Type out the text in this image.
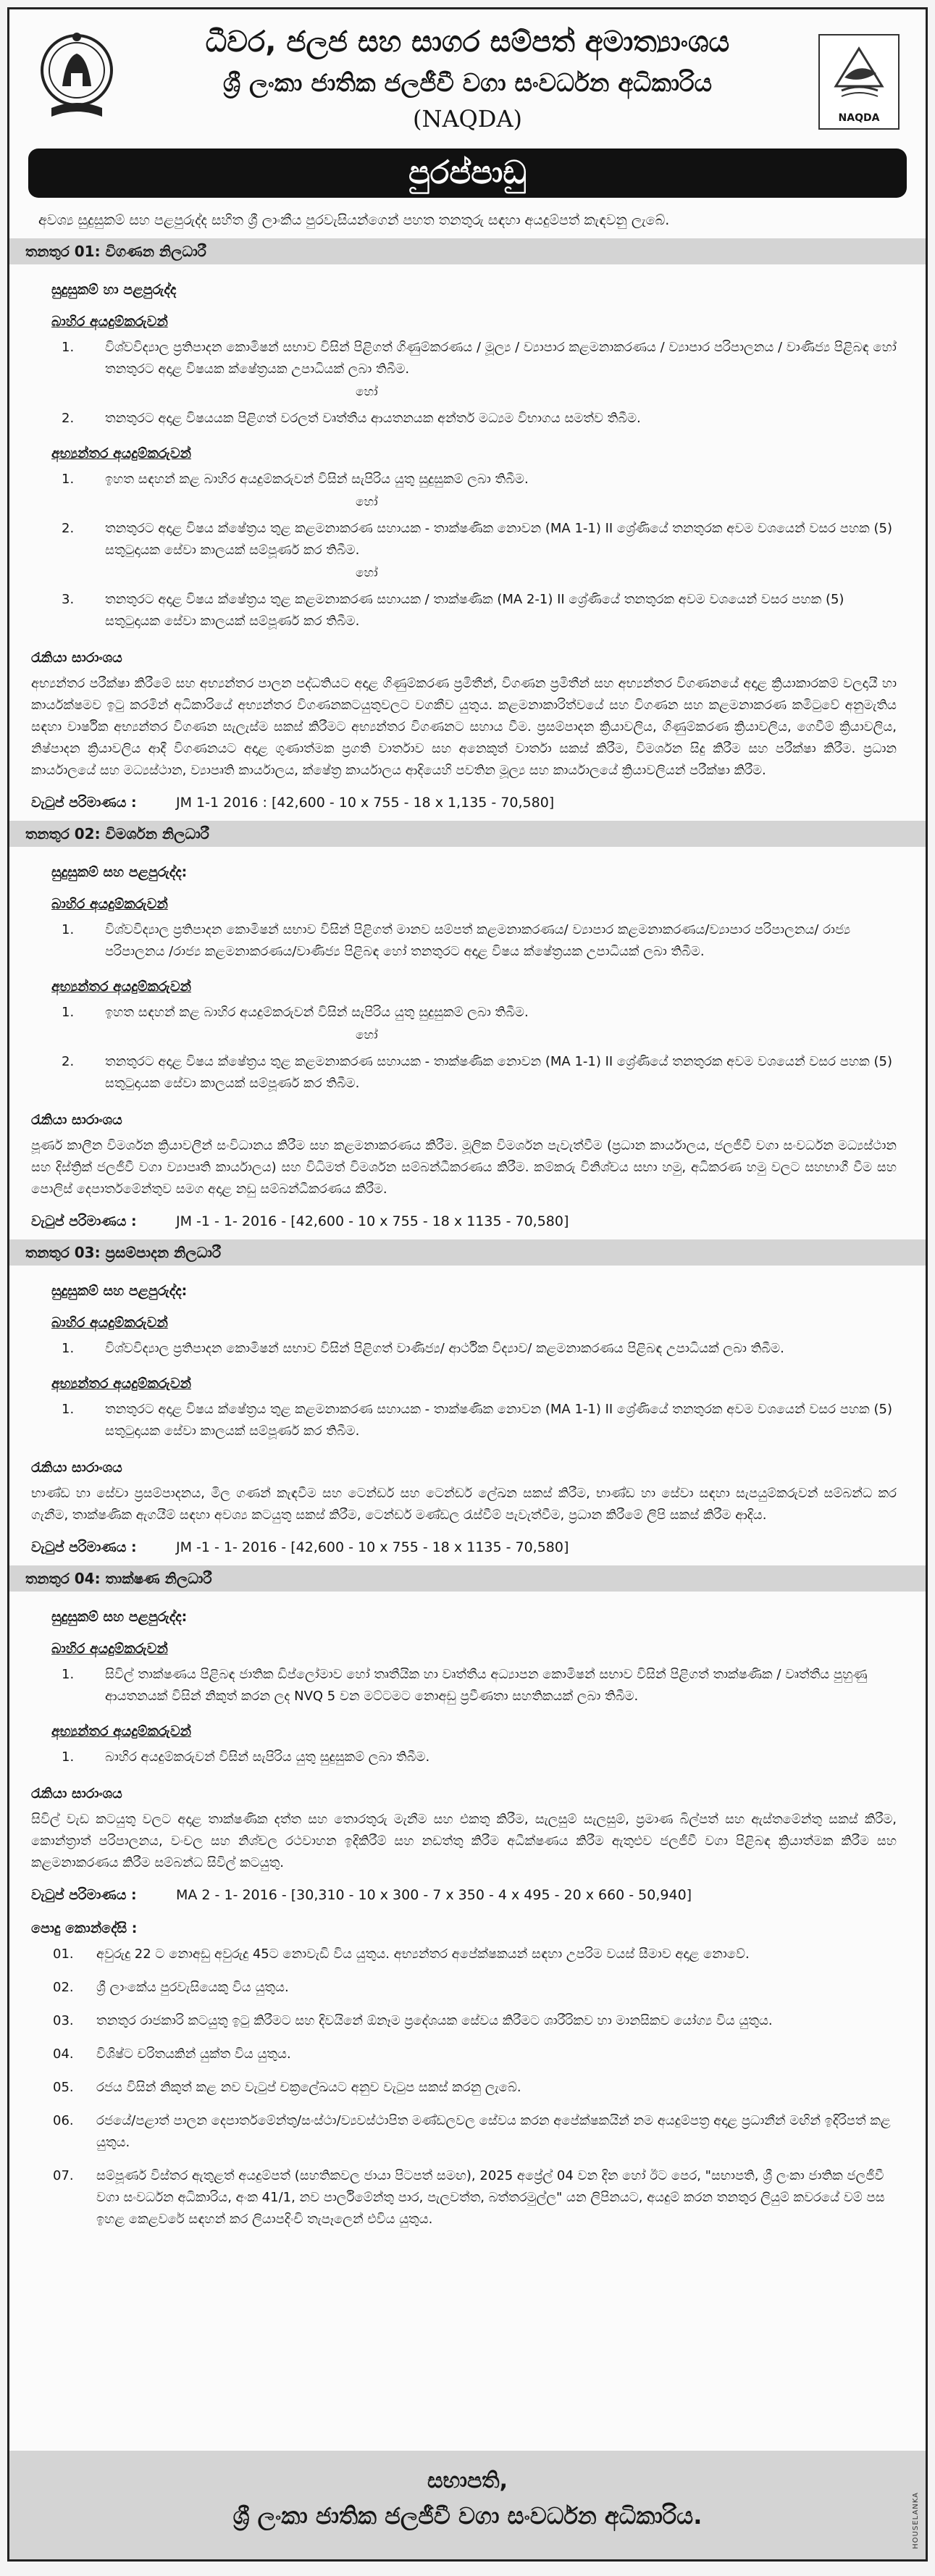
ධීවර, ජලජ සහ සාගර සම්පත් අමාත්‍යාංශය
ශ්‍රී ලංකා ජාතික ජලජීවී වගා සංවර්ධන අධිකාරිය
(NAQDA)	NAQDA
පුරප්පාඩු
අවශ්‍ය සුදුසුකම් සහ පළපුරුද්ද සහිත ශ්‍රී ලාංකීය පුරවැසියන්ගෙන් පහත තනතුරු සඳහා අයදුම්පත් කැඳවනු ලැබේ.
තනතුර 01: විගණන නිලධාරී
සුදුසුකම් හා පළපුරුද්ද
බාහිර අයදුම්කරුවන්
1.	විශ්වවිද්‍යාල ප්‍රතිපාදන කොමිෂන් සභාව විසින් පිළිගත් ගිණුම්කරණය / මූල්‍ය / ව්‍යාපාර කළමනාකරණය / ව්‍යාපාර පරිපාලනය / වාණිජ්‍ය පිළිබඳ හෝ තනතුරට අදාළ විෂයක ක්ෂේත්‍රයක උපාධියක් ලබා තිබීම.
හෝ
2.	තනතුරට අදාළ විෂයයක පිළිගත් වරලත් වෘත්තීය ආයතනයක අන්තර් මධ්‍යම විභාගය සමත්ව තිබීම.
අභ්‍යන්තර අයදුම්කරුවන්
1.	ඉහත සඳහන් කළ බාහිර අයදුම්කරුවන් විසින් සැපිරිය යුතු සුදුසුකම් ලබා තිබීම.
හෝ
2.	තනතුරට අදාළ විෂය ක්ෂේත්‍රය තුළ කළමනාකරණ සහායක - තාක්ෂණික නොවන (MA 1-1) II ශ්‍රේණියේ තනතුරක අවම වශයෙන් වසර පහක (5) සතුටුදායක සේවා කාලයක් සම්පූර්ණ කර තිබීම.
හෝ
3.	තනතුරට අදාළ විෂය ක්ෂේත්‍රය තුළ කළමනාකරණ සහායක / තාක්ෂණික (MA 2-1) II ශ්‍රේණියේ තනතුරක අවම වශයෙන් වසර පහක (5) සතුටුදායක සේවා කාලයක් සම්පූර්ණ කර තිබීම.
රැකියා සාරාංශය
අභ්‍යන්තර පරීක්ෂා කිරීමේ සහ අභ්‍යන්තර පාලන පද්ධතියට අදාළ ගිණුම්කරණ ප්‍රමිතීන්, විගණන ප්‍රමිතීන් සහ අභ්‍යන්තර විගණනයේ අදාළ ක්‍රියාකාරකම් වලදායී හා කාර්යක්ෂමව ඉටු කරමින් අධිකාරියේ අභ්‍යන්තර විගණනකටයුතුවලට වගකීව යුතුය. කළමනාකාරිත්වයේ සහ විගණන සහ කළමනාකරණ කමිටුවේ අනුමැතිය සඳහා වාර්ෂික අභ්‍යන්තර විගණන සැලැස්ම සකස් කිරීමට අභ්‍යන්තර විගණනට සහාය වීම. ප්‍රසම්පාදන ක්‍රියාවලිය, ගිණුම්කරණ ක්‍රියාවලිය, ගෙවීම් ක්‍රියාවලිය, නිෂ්පාදන ක්‍රියාවලිය ආදී විගණනයට අදාළ ගුණාත්මක ප්‍රගති වාර්තාව සහ අනෙකුත් වාර්තා සකස් කිරීම, විමර්ශන සිදු කිරීම සහ පරීක්ෂා කිරීම. ප්‍රධාන කාර්යාලයේ සහ මධ්‍යස්ථාන, ව්‍යාපෘති කාර්යාලය, ක්ෂේත්‍ර කාර්යාලය ආදියෙහි පවතින මූල්‍ය සහ කාර්යාලයේ ක්‍රියාවලියන් පරීක්ෂා කිරීම.
වැටුප් පරිමාණය :	JM 1-1 2016 : [42,600 - 10 x 755 - 18 x 1,135 - 70,580]
තනතුර 02: විමර්ශන නිලධාරී
සුදුසුකම් සහ පළපුරුද්ද:
බාහිර අයදුම්කරුවන්
1.	විශ්වවිද්‍යාල ප්‍රතිපාදන කොමිෂන් සභාව විසින් පිළිගත් මානව සම්පත් කළමනාකරණය/ ව්‍යාපාර කළමනාකරණය/ව්‍යාපාර පරිපාලනය/ රාජ්‍ය පරිපාලනය /රාජ්‍ය කළමනාකරණය/වාණිජ්‍ය පිළිබඳ හෝ තනතුරට අදාළ විෂය ක්ෂේත්‍රයක උපාධියක් ලබා තිබීම.
අභ්‍යන්තර අයදුම්කරුවන්
1.	ඉහත සඳහන් කළ බාහිර අයදුම්කරුවන් විසින් සැපිරිය යුතු සුදුසුකම් ලබා තිබීම.
හෝ
2.	තනතුරට අදාළ විෂය ක්ෂේත්‍රය තුළ කළමනාකරණ සහායක - තාක්ෂණික නොවන (MA 1-1) II ශ්‍රේණියේ තනතුරක අවම වශයෙන් වසර පහක (5) සතුටුදායක සේවා කාලයක් සම්පූර්ණ කර තිබීම.
රැකියා සාරාංශය
පූර්ණ කාලීන විමර්ශන ක්‍රියාවලීන් සංවිධානය කිරීම සහ කළමනාකරණය කිරීම. මූලික විමර්ශන පැවැත්වීම (ප්‍රධාන කාර්යාලය, ජලජීවී වගා සංවර්ධන මධ්‍යස්ථාන සහ දිස්ත්‍රික් ජලජීවී වගා ව්‍යාපෘති කාර්යාලය) සහ විධිමත් විමර්ශන සම්බන්ධීකරණය කිරීම. කම්කරු විනිශ්චය සභා හමු, අධිකරණ හමු වලට සහභාගී වීම සහ පොලිස් දෙපාර්තමේන්තුව සමග අදාළ නඩු සම්බන්ධීකරණය කිරීම.
වැටුප් පරිමාණය :	JM -1 - 1- 2016 - [42,600 - 10 x 755 - 18 x 1135 - 70,580]
තනතුර 03: ප්‍රසම්පාදන නිලධාරී
සුදුසුකම් සහ පළපුරුද්ද:
බාහිර අයදුම්කරුවන්
1.	විශ්වවිද්‍යාල ප්‍රතිපාදන කොමිෂන් සභාව විසින් පිළිගත් වාණිජ්‍ය/ ආර්ථික විද්‍යාව/ කළමනාකරණය පිළිබඳ උපාධියක් ලබා තිබීම.
අභ්‍යන්තර අයදුම්කරුවන්
1.	තනතුරට අදාළ විෂය ක්ෂේත්‍රය තුළ කළමනාකරණ සහායක - තාක්ෂණික නොවන (MA 1-1) II ශ්‍රේණියේ තනතුරක අවම වශයෙන් වසර පහක (5) සතුටුදායක සේවා කාලයක් සම්පූර්ණ කර තිබීම.
රැකියා සාරාංශය
භාණ්ඩ හා සේවා ප්‍රසම්පාදනය, මිල ගණන් කැඳවීම සහ ටෙන්ඩර් සහ ටෙන්ඩර් ලේඛන සකස් කිරීම, භාණ්ඩ හා සේවා සඳහා සැපයුම්කරුවන් සම්බන්ධ කර ගැනීම, තාක්ෂණික ඇගයීම් සඳහා අවශ්‍ය කටයුතු සකස් කිරීම, ටෙන්ඩර් මණ්ඩල රැස්වීම් පැවැත්වීම, ප්‍රධාන කිරීමේ ලිපි සකස් කිරීම ආදිය.
වැටුප් පරිමාණය :	JM -1 - 1- 2016 - [42,600 - 10 x 755 - 18 x 1135 - 70,580]
තනතුර 04: තාක්ෂණ නිලධාරී
සුදුසුකම් සහ පළපුරුද්ද:
බාහිර අයදුම්කරුවන්
1.	සිවිල් තාක්ෂණය පිළිබඳ ජාතික ඩිප්ලෝමාව හෝ තෘතීයික හා වෘත්තීය අධ්‍යාපන කොමිෂන් සභාව විසින් පිළිගත් තාක්ෂණික / වෘත්තීය පුහුණු ආයතනයක් විසින් නිකුත් කරන ලද NVQ 5 වන මට්ටමට නොඅඩු ප්‍රවීණතා සහතිකයක් ලබා තිබීම.
අභ්‍යන්තර අයදුම්කරුවන්
1.	බාහිර අයදුම්කරුවන් විසින් සැපිරිය යුතු සුදුසුකම් ලබා තිබීම.
රැකියා සාරාංශය
සිවිල් වැඩ කටයුතු වලට අදාළ තාක්ෂණික දත්ත සහ තොරතුරු මැනීම සහ එකතු කිරීම, සැලසුම් සැලසුම්, ප්‍රමාණ බිල්පත් සහ ඇස්තමේන්තු සකස් කිරීම, කොන්ත්‍රාත් පරිපාලනය, වංචල සහ නිශ්චල රථවාහන ඉදිකිරීම් සහ නඩත්තු කිරීම අධීක්ෂණය කිරීම ඇතුළුව ජලජීවී වගා පිළිබඳ ක්‍රියාත්මක කිරීම සහ කළමනාකරණය කිරීම සම්බන්ධ සිවිල් කටයුතු.
වැටුප් පරිමාණය :	MA 2 - 1- 2016 - [30,310 - 10 x 300 - 7 x 350 - 4 x 495 - 20 x 660 - 50,940]
පොදු කොන්දේසි :
01.	අවුරුදු 22 ට නොඅඩු අවුරුදු 45ට නොවැඩි විය යුතුය. අභ්‍යන්තර අපේක්ෂකයන් සඳහා උපරිම වයස් සීමාව අදාළ නොවේ.
02.	ශ්‍රී ලාංකේය පුරවැසියෙකු විය යුතුය.
03.	තනතුර රාජකාරි කටයුතු ඉටු කිරීමට සහ දිවයිනේ ඕනෑම ප්‍රදේශයක සේවය කිරීමට ශාරීරිකව හා මානසිකව යෝග්‍ය විය යුතුය.
04.	විශිෂ්ට චරිතයකින් යුක්ත විය යුතුය.
05.	රජය විසින් නිකුත් කළ නව වැටුප් චක්‍රලේඛයට අනුව වැටුප සකස් කරනු ලැබේ.
06.	රජයේ/පළාත් පාලන දෙපාර්තමේන්තු/සංස්ථා/ව්‍යවස්ථාපිත මණ්ඩලවල සේවය කරන අපේක්ෂකයින් නම අයදුම්පත්‍ර අදාළ ප්‍රධානීන් මඟින් ඉදිරිපත් කළ යුතුය.
07.	සම්පූර්ණ විස්තර ඇතුළත් අයදුම්පත් (සහතිකවල ජායා පිටපත් සමඟ), 2025 අප්‍රේල් 04 වන දින හෝ ඊට පෙර, "සභාපති, ශ්‍රී ලංකා ජාතික ජලජීවී වගා සංවර්ධන අධිකාරිය, අංක 41/1, නව පාර්ලිමේන්තු පාර, පැලවත්ත, බත්තරමුල්ල" යන ලිපිනයට, අයදුම් කරන තනතුර ලියුම් කවරයේ වම් පස ඉහළ කෙළවරේ සඳහන් කර ලියාපදිංචි තැපෑලෙන් එවිය යුතුය.
සභාපති,
ශ්‍රී ලංකා ජාතික ජලජීවී වගා සංවර්ධන අධිකාරිය.	HOUSELANKA
